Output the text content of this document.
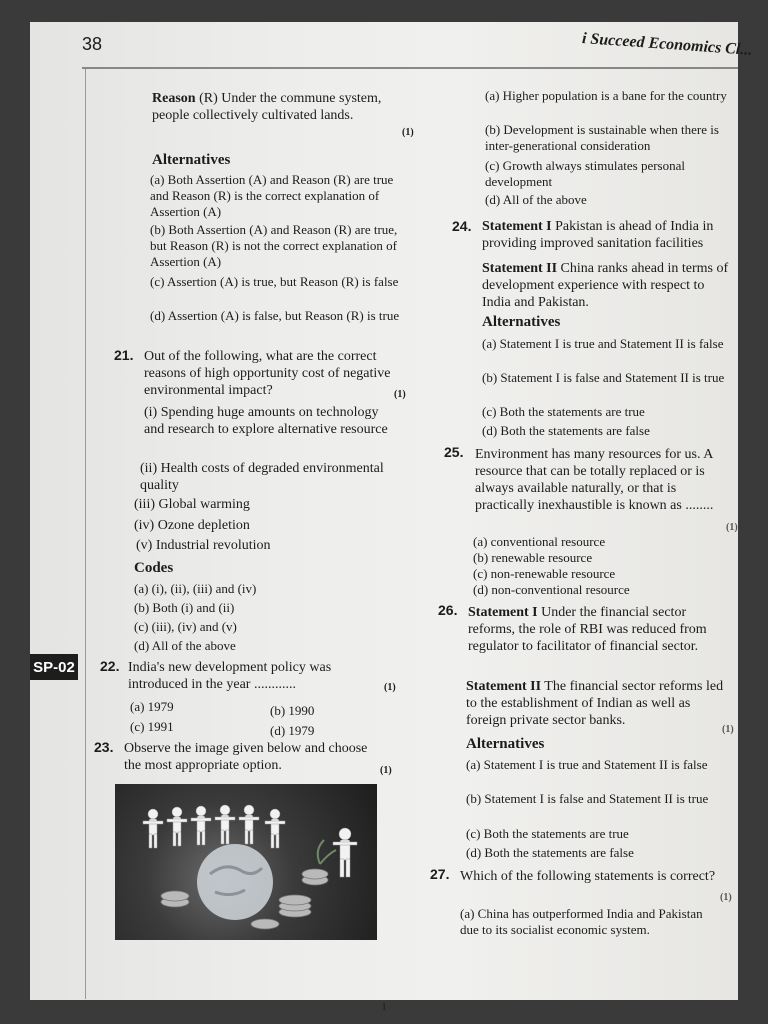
38	i Succeed Economics Cl...
SP-02
Reason (R) Under the commune system, people collectively cultivated lands.
(1)
Alternatives
(a) Both Assertion (A) and Reason (R) are true and Reason (R) is the correct explanation of Assertion (A)
(b) Both Assertion (A) and Reason (R) are true, but Reason (R) is not the correct explanation of Assertion (A)
(c) Assertion (A) is true, but Reason (R) is false
(d) Assertion (A) is false, but Reason (R) is true
21. Out of the following, what are the correct reasons of high opportunity cost of negative environmental impact?	(1)
(i) Spending huge amounts on technology and research to explore alternative resource
(ii) Health costs of degraded environmental quality
(iii) Global warming
(iv) Ozone depletion
(v) Industrial revolution
Codes
(a) (i), (ii), (iii) and (iv)
(b) Both (i) and (ii)
(c) (iii), (iv) and (v)
(d) All of the above
22. India's new development policy was introduced in the year ............	(1)
(a) 1979	(b) 1990
(c) 1991	(d) 1979
23. Observe the image given below and choose the most appropriate option.	(1)
(a) Higher population is a bane for the country
(b) Development is sustainable when there is inter-generational consideration
(c) Growth always stimulates personal development
(d) All of the above
24. Statement I Pakistan is ahead of India in providing improved sanitation facilities
Statement II China ranks ahead in terms of development experience with respect to India and Pakistan.
Alternatives
(a) Statement I is true and Statement II is false
(b) Statement I is false and Statement II is true
(c) Both the statements are true
(d) Both the statements are false
25. Environment has many resources for us. A resource that can be totally replaced or is always available naturally, or that is practically inexhaustible is known as ........
(1)
(a) conventional resource
(b) renewable resource
(c) non-renewable resource
(d) non-conventional resource
26. Statement I Under the financial sector reforms, the role of RBI was reduced from regulator to facilitator of financial sector.
Statement II The financial sector reforms led to the establishment of Indian as well as foreign private sector banks.
(1)
Alternatives
(a) Statement I is true and Statement II is false
(b) Statement I is false and Statement II is true
(c) Both the statements are true
(d) Both the statements are false
27. Which of the following statements is correct?
(1)
(a) China has outperformed India and Pakistan due to its socialist economic system.
1
